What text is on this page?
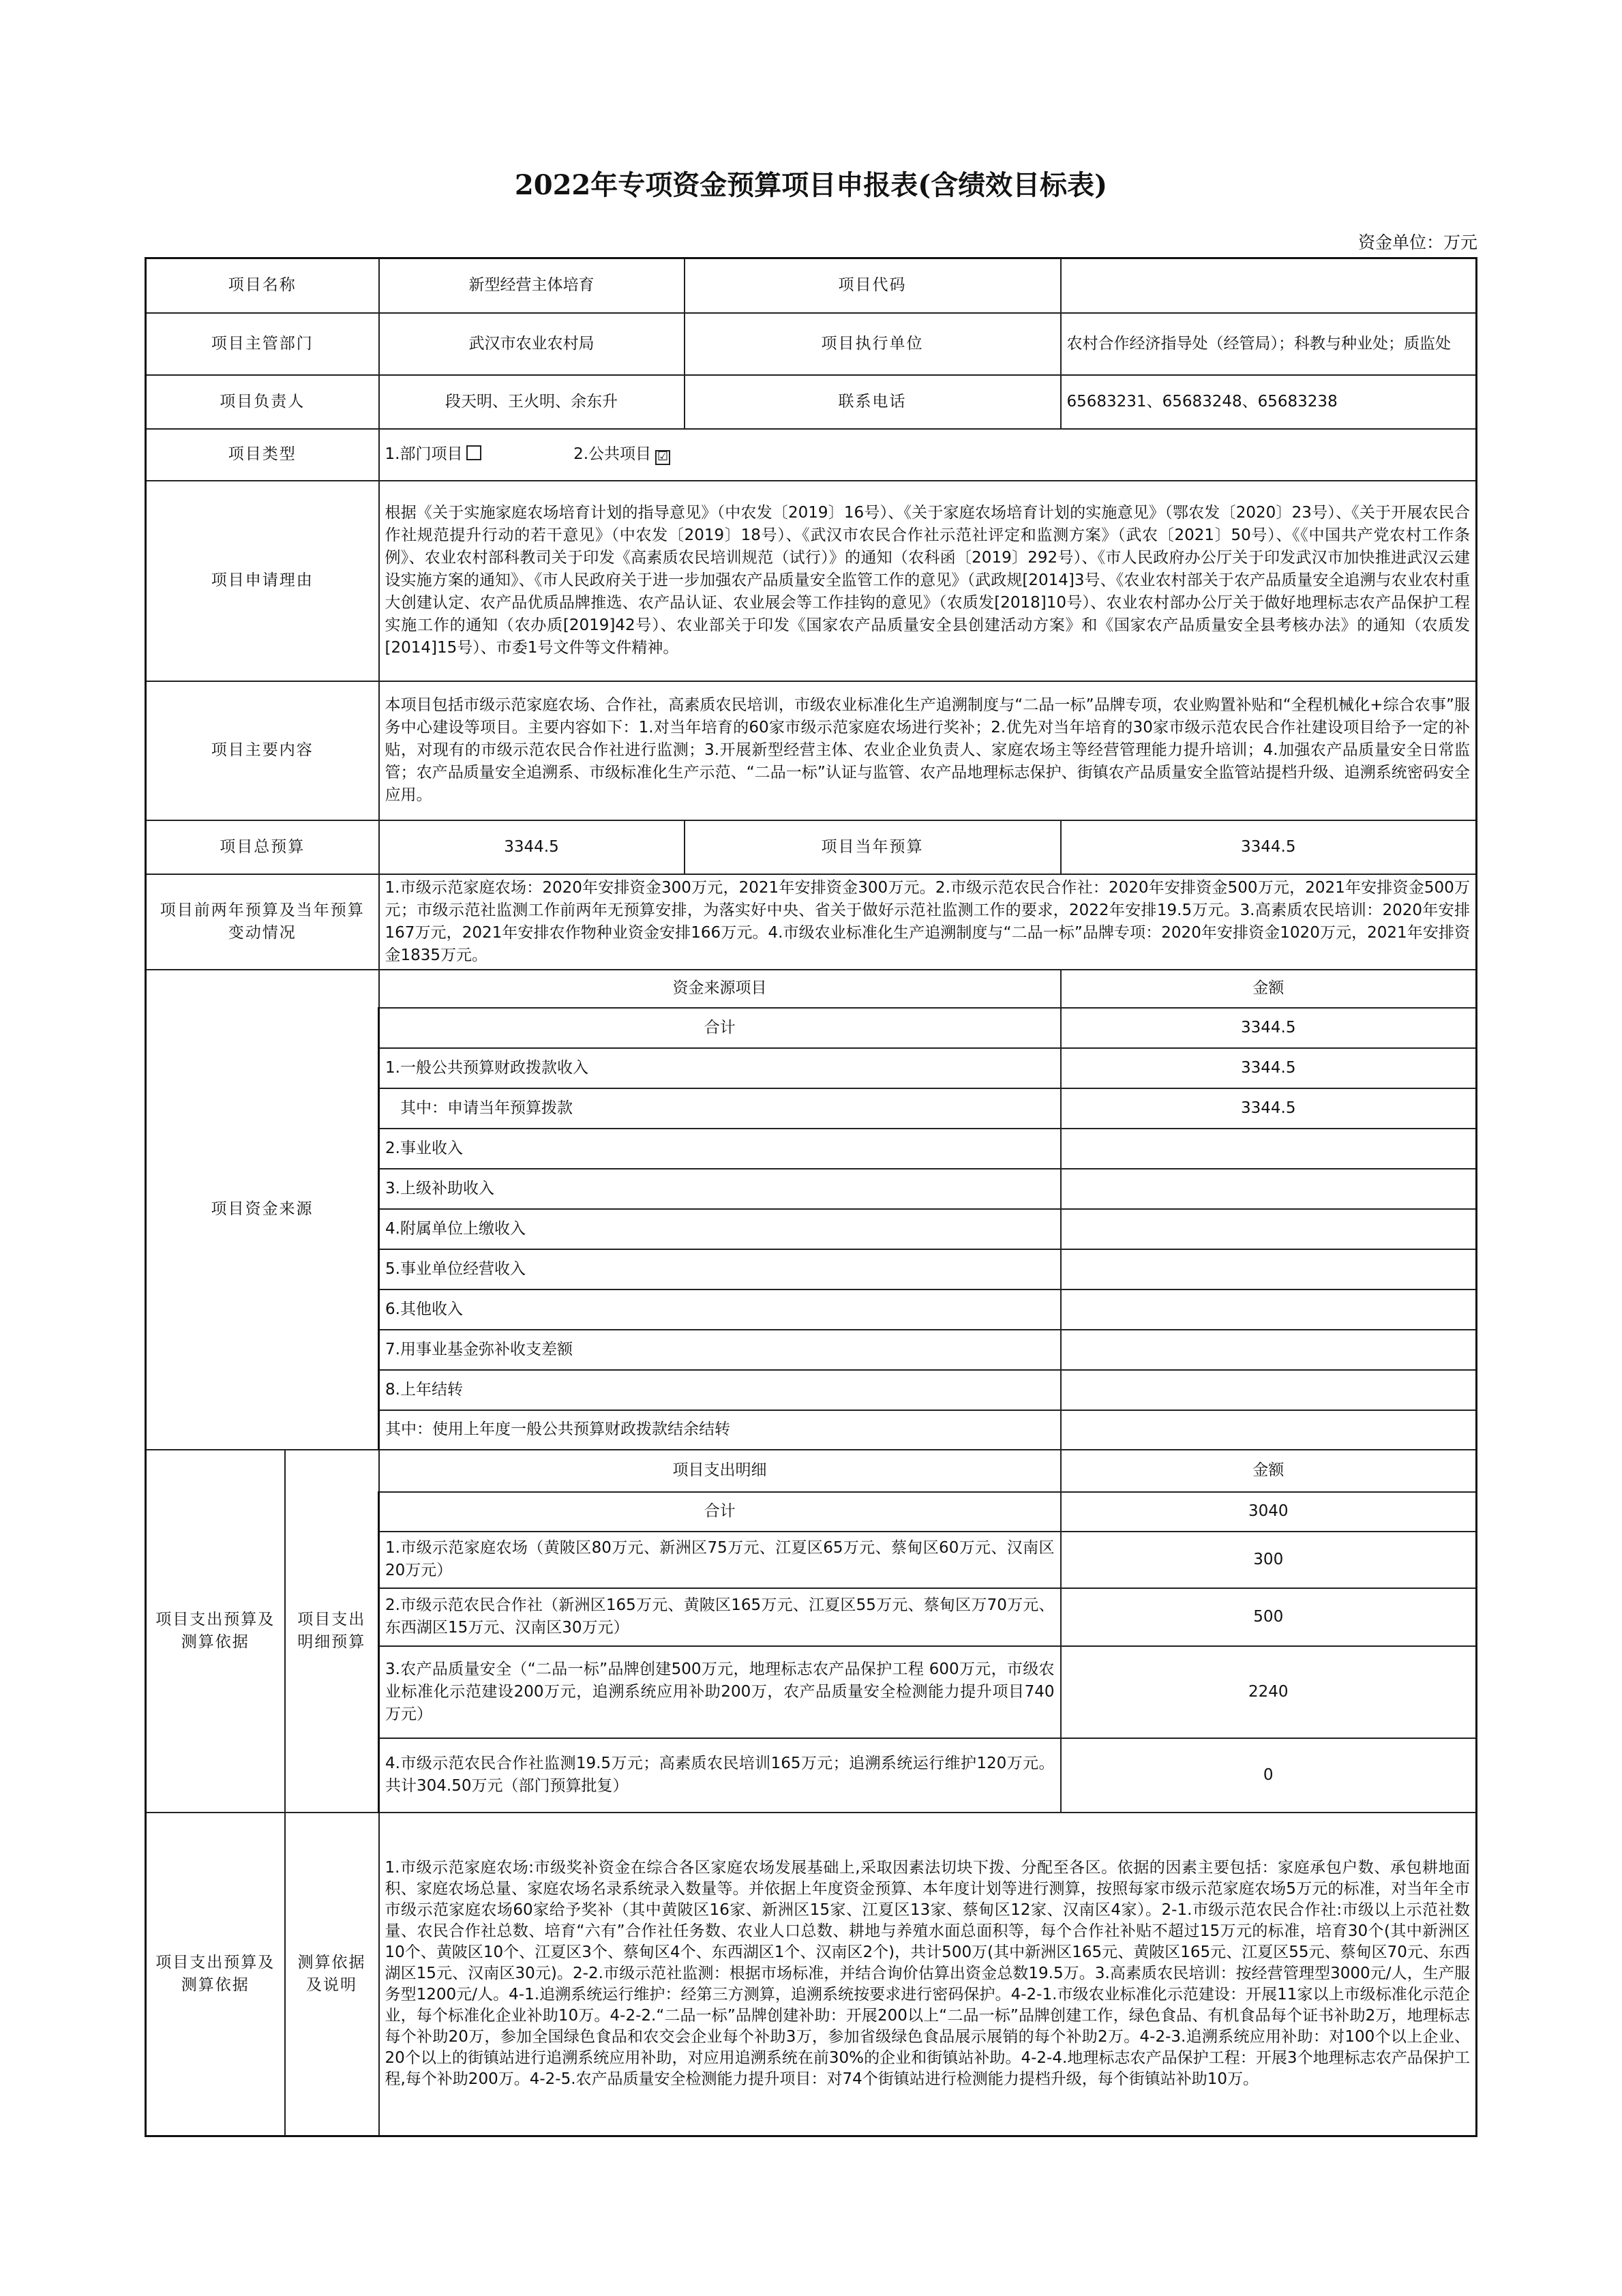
2022年专项资金预算项目申报表(含绩效目标表)
资金单位：万元
项目名称		新型经营主体培育	项目代码	
项目主管部门		武汉市农业农村局	项目执行单位	农村合作经济指导处（经管局）；科教与种业处；质监处
项目负责人		段天明、王火明、余东升	联系电话	65683231、65683248、65683238
项目类型		1.部门项目 2.公共项目 ☑		
项目申请理由		根据《关于实施家庭农场培育计划的指导意见》（中农发〔2019〕16号）、《关于家庭农场培育计划的实施意见》（鄂农发〔2020〕23号）、《关于开展农民合作社规范提升行动的若干意见》（中农发〔2019〕18号）、《武汉市农民合作社示范社评定和监测方案》（武农〔2021〕50号）、《《中国共产党农村工作条例》、农业农村部科教司关于印发《高素质农民培训规范（试行）》的通知（农科函〔2019〕292号）、《市人民政府办公厅关于印发武汉市加快推进武汉云建设实施方案的通知》、《市人民政府关于进一步加强农产品质量安全监管工作的意见》（武政规[2014]3号、《农业农村部关于农产品质量安全追溯与农业农村重大创建认定、农产品优质品牌推选、农产品认证、农业展会等工作挂钩的意见》（农质发[2018]10号）、农业农村部办公厅关于做好地理标志农产品保护工程实施工作的通知（农办质[2019]42号）、农业部关于印发《国家农产品质量安全县创建活动方案》和《国家农产品质量安全县考核办法》的通知（农质发[2014]15号）、市委1号文件等文件精神。		
项目主要内容		本项目包括市级示范家庭农场、合作社，高素质农民培训，市级农业标准化生产追溯制度与“二品一标”品牌专项，农业购置补贴和“全程机械化+综合农事”服务中心建设等项目。主要内容如下：1.对当年培育的60家市级示范家庭农场进行奖补；2.优先对当年培育的30家市级示范农民合作社建设项目给予一定的补贴，对现有的市级示范农民合作社进行监测；3.开展新型经营主体、农业企业负责人、家庭农场主等经营管理能力提升培训；4.加强农产品质量安全日常监管；农产品质量安全追溯系、市级标准化生产示范、“二品一标”认证与监管、农产品地理标志保护、街镇农产品质量安全监管站提档升级、追溯系统密码安全应用。		
项目总预算		3344.5	项目当年预算	3344.5
项目前两年预算及当年预算变动情况		1.市级示范家庭农场：2020年安排资金300万元，2021年安排资金300万元。2.市级示范农民合作社：2020年安排资金500万元，2021年安排资金500万元；市级示范社监测工作前两年无预算安排，为落实好中央、省关于做好示范社监测工作的要求，2022年安排19.5万元。3.高素质农民培训：2020年安排167万元，2021年安排农作物种业资金安排166万元。4.市级农业标准化生产追溯制度与“二品一标”品牌专项：2020年安排资金1020万元，2021年安排资金1835万元。		
项目资金来源		资金来源项目		金额
		合计		3344.5
		1.一般公共预算财政拨款收入		3344.5
		其中：申请当年预算拨款		3344.5
		2.事业收入		
		3.上级补助收入		
		4.附属单位上缴收入		
		5.事业单位经营收入		
		6.其他收入		
		7.用事业基金弥补收支差额		
		8.上年结转		
		其中：使用上年度一般公共预算财政拨款结余结转		
项目支出预算及测算依据	项目支出明细预算	项目支出明细		金额
		合计		3040
		1.市级示范家庭农场（黄陂区80万元、新洲区75万元、江夏区65万元、蔡甸区60万元、汉南区20万元）		300
		2.市级示范农民合作社（新洲区165万元、黄陂区165万元、江夏区55万元、蔡甸区万70万元、东西湖区15万元、汉南区30万元）		500
		3.农产品质量安全（“二品一标”品牌创建500万元，地理标志农产品保护工程 600万元，市级农业标准化示范建设200万元，追溯系统应用补助200万，农产品质量安全检测能力提升项目740万元）		2240
		4.市级示范农民合作社监测19.5万元；高素质农民培训165万元；追溯系统运行维护120万元。共计304.50万元（部门预算批复）		0
项目支出预算及测算依据	测算依据及说明	1.市级示范家庭农场:市级奖补资金在综合各区家庭农场发展基础上,采取因素法切块下拨、分配至各区。依据的因素主要包括：家庭承包户数、承包耕地面积、家庭农场总量、家庭农场名录系统录入数量等。并依据上年度资金预算、本年度计划等进行测算，按照每家市级示范家庭农场5万元的标准，对当年全市市级示范家庭农场60家给予奖补（其中黄陂区16家、新洲区15家、江夏区13家、蔡甸区12家、汉南区4家）。2-1.市级示范农民合作社:市级以上示范社数量、农民合作社总数、培育“六有”合作社任务数、农业人口总数、耕地与养殖水面总面积等，每个合作社补贴不超过15万元的标准，培育30个(其中新洲区10个、黄陂区10个、江夏区3个、蔡甸区4个、东西湖区1个、汉南区2个)，共计500万(其中新洲区165元、黄陂区165元、江夏区55元、蔡甸区70元、东西湖区15元、汉南区30元)。2-2.市级示范社监测：根据市场标准，并结合询价估算出资金总数19.5万。3.高素质农民培训：按经营管理型3000元/人，生产服务型1200元/人。4-1.追溯系统运行维护：经第三方测算，追溯系统按要求进行密码保护。4-2-1.市级农业标准化示范建设：开展11家以上市级标准化示范企业，每个标准化企业补助10万。4-2-2.“二品一标”品牌创建补助：开展200以上“二品一标”品牌创建工作，绿色食品、有机食品每个证书补助2万，地理标志每个补助20万，参加全国绿色食品和农交会企业每个补助3万，参加省级绿色食品展示展销的每个补助2万。4-2-3.追溯系统应用补助：对100个以上企业、20个以上的街镇站进行追溯系统应用补助，对应用追溯系统在前30%的企业和街镇站补助。4-2-4.地理标志农产品保护工程：开展3个地理标志农产品保护工程,每个补助200万。4-2-5.农产品质量安全检测能力提升项目：对74个街镇站进行检测能力提档升级，每个街镇站补助10万。		
